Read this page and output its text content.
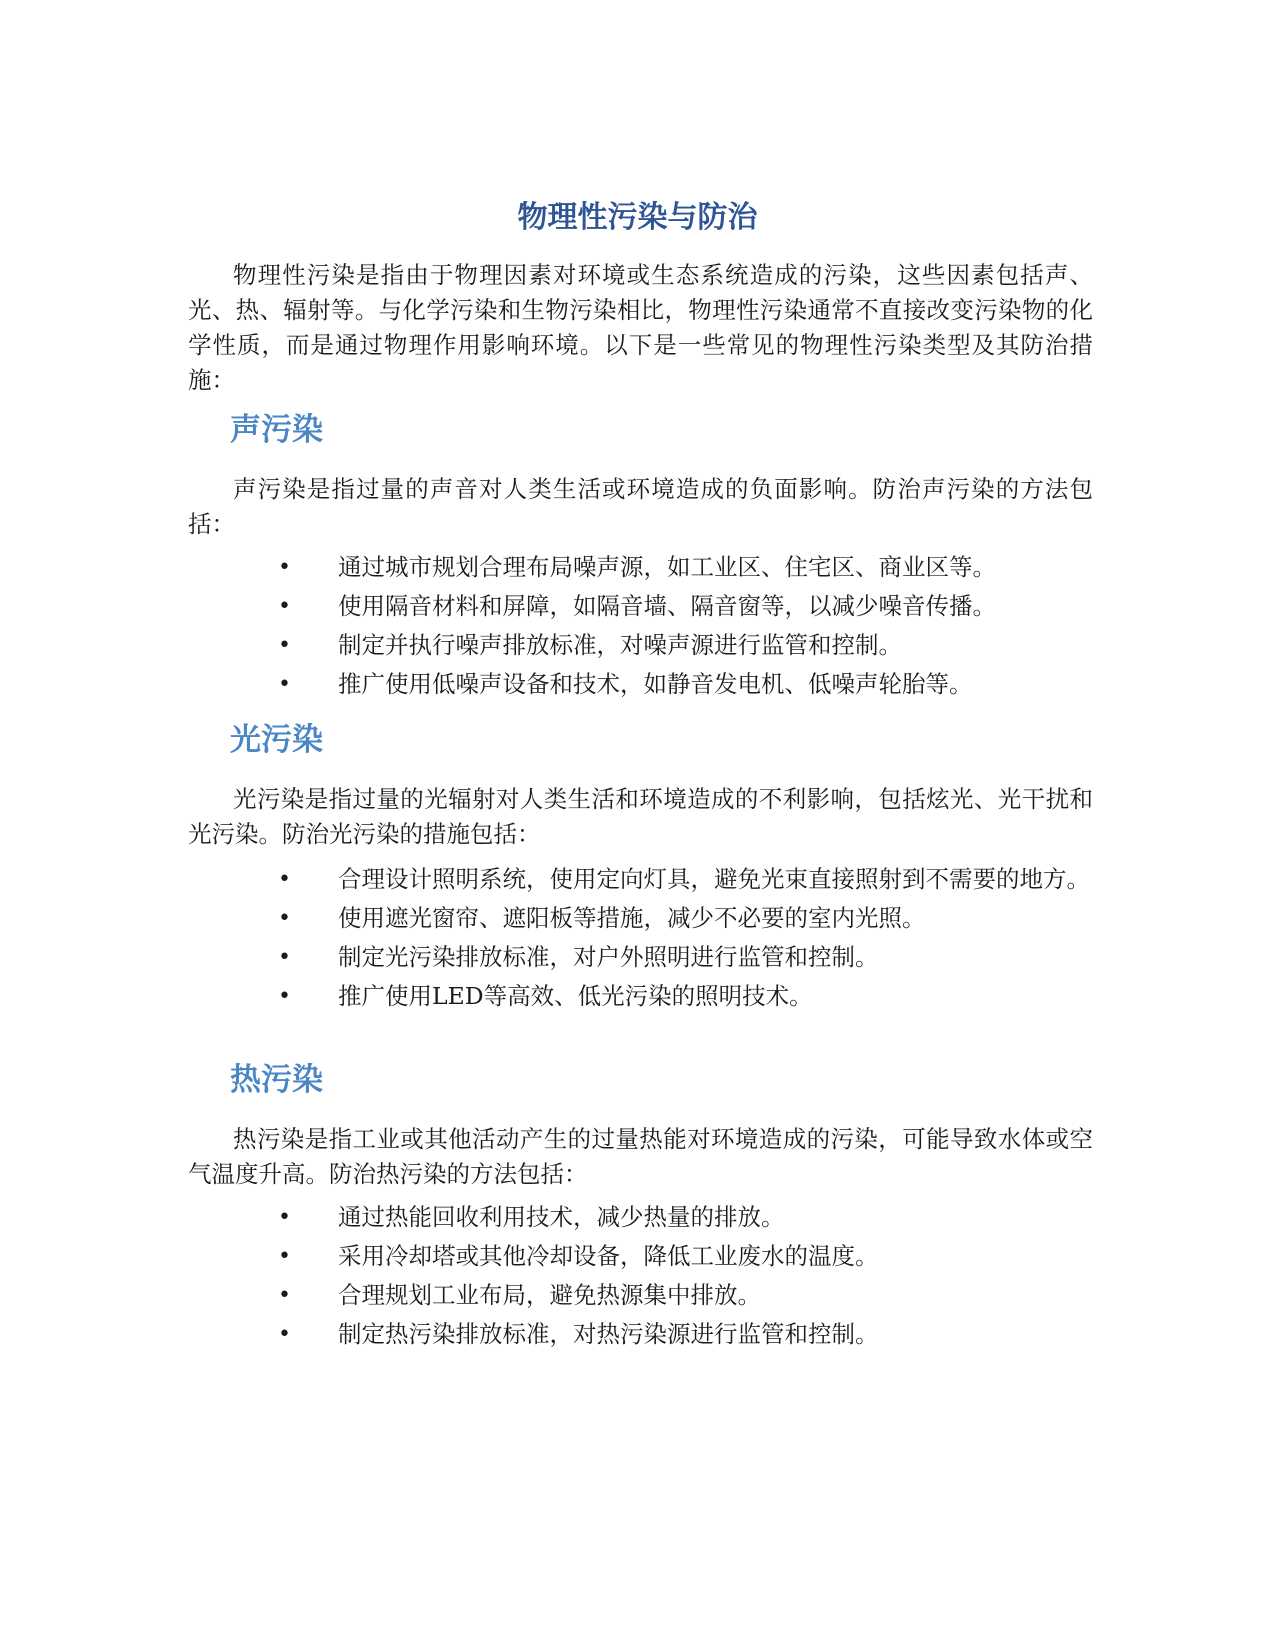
物理性污染与防治

物理性污染是指由于物理因素对环境或生态系统造成的污染，这些因素包括声、光、热、辐射等。与化学污染和生物污染相比，物理性污染通常不直接改变污染物的化学性质，而是通过物理作用影响环境。以下是一些常见的物理性污染类型及其防治措施：

声污染

声污染是指过量的声音对人类生活或环境造成的负面影响。防治声污染的方法包括：

• 通过城市规划合理布局噪声源，如工业区、住宅区、商业区等。
• 使用隔音材料和屏障，如隔音墙、隔音窗等，以减少噪音传播。
• 制定并执行噪声排放标准，对噪声源进行监管和控制。
• 推广使用低噪声设备和技术，如静音发电机、低噪声轮胎等。
光污染

光污染是指过量的光辐射对人类生活和环境造成的不利影响，包括炫光、光干扰和光污染。防治光污染的措施包括：

• 合理设计照明系统，使用定向灯具，避免光束直接照射到不需要的地方。
• 使用遮光窗帘、遮阳板等措施，减少不必要的室内光照。
• 制定光污染排放标准，对户外照明进行监管和控制。
• 推广使用LED等高效、低光污染的照明技术。
热污染

热污染是指工业或其他活动产生的过量热能对环境造成的污染，可能导致水体或空气温度升高。防治热污染的方法包括：

• 通过热能回收利用技术，减少热量的排放。
• 采用冷却塔或其他冷却设备，降低工业废水的温度。
• 合理规划工业布局，避免热源集中排放。
• 制定热污染排放标准，对热污染源进行监管和控制。
